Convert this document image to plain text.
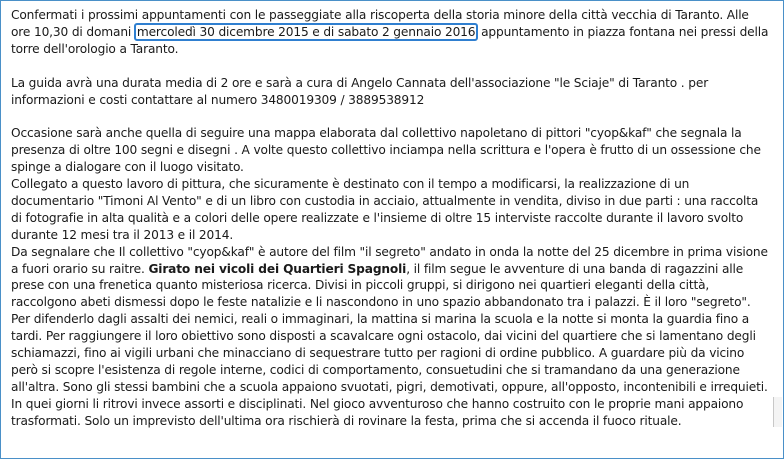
Confermati i prossimi appuntamenti con le passeggiate alla riscoperta della storia minore della città vecchia di Taranto. Alle ore 10,30 di domani mercoledì 30 dicembre 2015 e di sabato 2 gennaio 2016 appuntamento in piazza fontana nei pressi della torre dell'orologio a Taranto.

La guida avrà una durata media di 2 ore e sarà a cura di Angelo Cannata dell'associazione "le Sciaje" di Taranto . per informazioni e costi contattare al numero 3480019309 / 3889538912

Occasione sarà anche quella di seguire una mappa elaborata dal collettivo napoletano di pittori "cyop&kaf" che segnala la presenza di oltre 100 segni e disegni . A volte questo collettivo inciampa nella scrittura e l'opera è frutto di un ossessione che spinge a dialogare con il luogo visitato.

Collegato a questo lavoro di pittura, che sicuramente è destinato con il tempo a modificarsi, la realizzazione di un documentario "Timoni Al Vento" e di un libro con custodia in acciaio, attualmente in vendita, diviso in due parti : una raccolta di fotografie in alta qualità e a colori delle opere realizzate e l'insieme di oltre 15 interviste raccolte durante il lavoro svolto durante 12 mesi tra il 2013 e il 2014.

Da segnalare che Il collettivo "cyop&kaf" è autore del film "il segreto" andato in onda la notte del 25 dicembre in prima visione a fuori orario su raitre. Girato nei vicoli dei Quartieri Spagnoli, il film segue le avventure di una banda di ragazzini alle prese con una frenetica quanto misteriosa ricerca. Divisi in piccoli gruppi, si dirigono nei quartieri eleganti della città, raccolgono abeti dismessi dopo le feste natalizie e li nascondono in uno spazio abbandonato tra i palazzi. È il loro "segreto". Per difenderlo dagli assalti dei nemici, reali o immaginari, la mattina si marina la scuola e la notte si monta la guardia fino a tardi. Per raggiungere il loro obiettivo sono disposti a scavalcare ogni ostacolo, dai vicini del quartiere che si lamentano degli schiamazzi, fino ai vigili urbani che minacciano di sequestrare tutto per ragioni di ordine pubblico. A guardare più da vicino però si scopre l'esistenza di regole interne, codici di comportamento, consuetudini che si tramandano da una generazione all'altra. Sono gli stessi bambini che a scuola appaiono svuotati, pigri, demotivati, oppure, all'opposto, incontenibili e irrequieti. In quei giorni li ritrovi invece assorti e disciplinati. Nel gioco avventuroso che hanno costruito con le proprie mani appaiono trasformati. Solo un imprevisto dell'ultima ora rischierà di rovinare la festa, prima che si accenda il fuoco rituale.
